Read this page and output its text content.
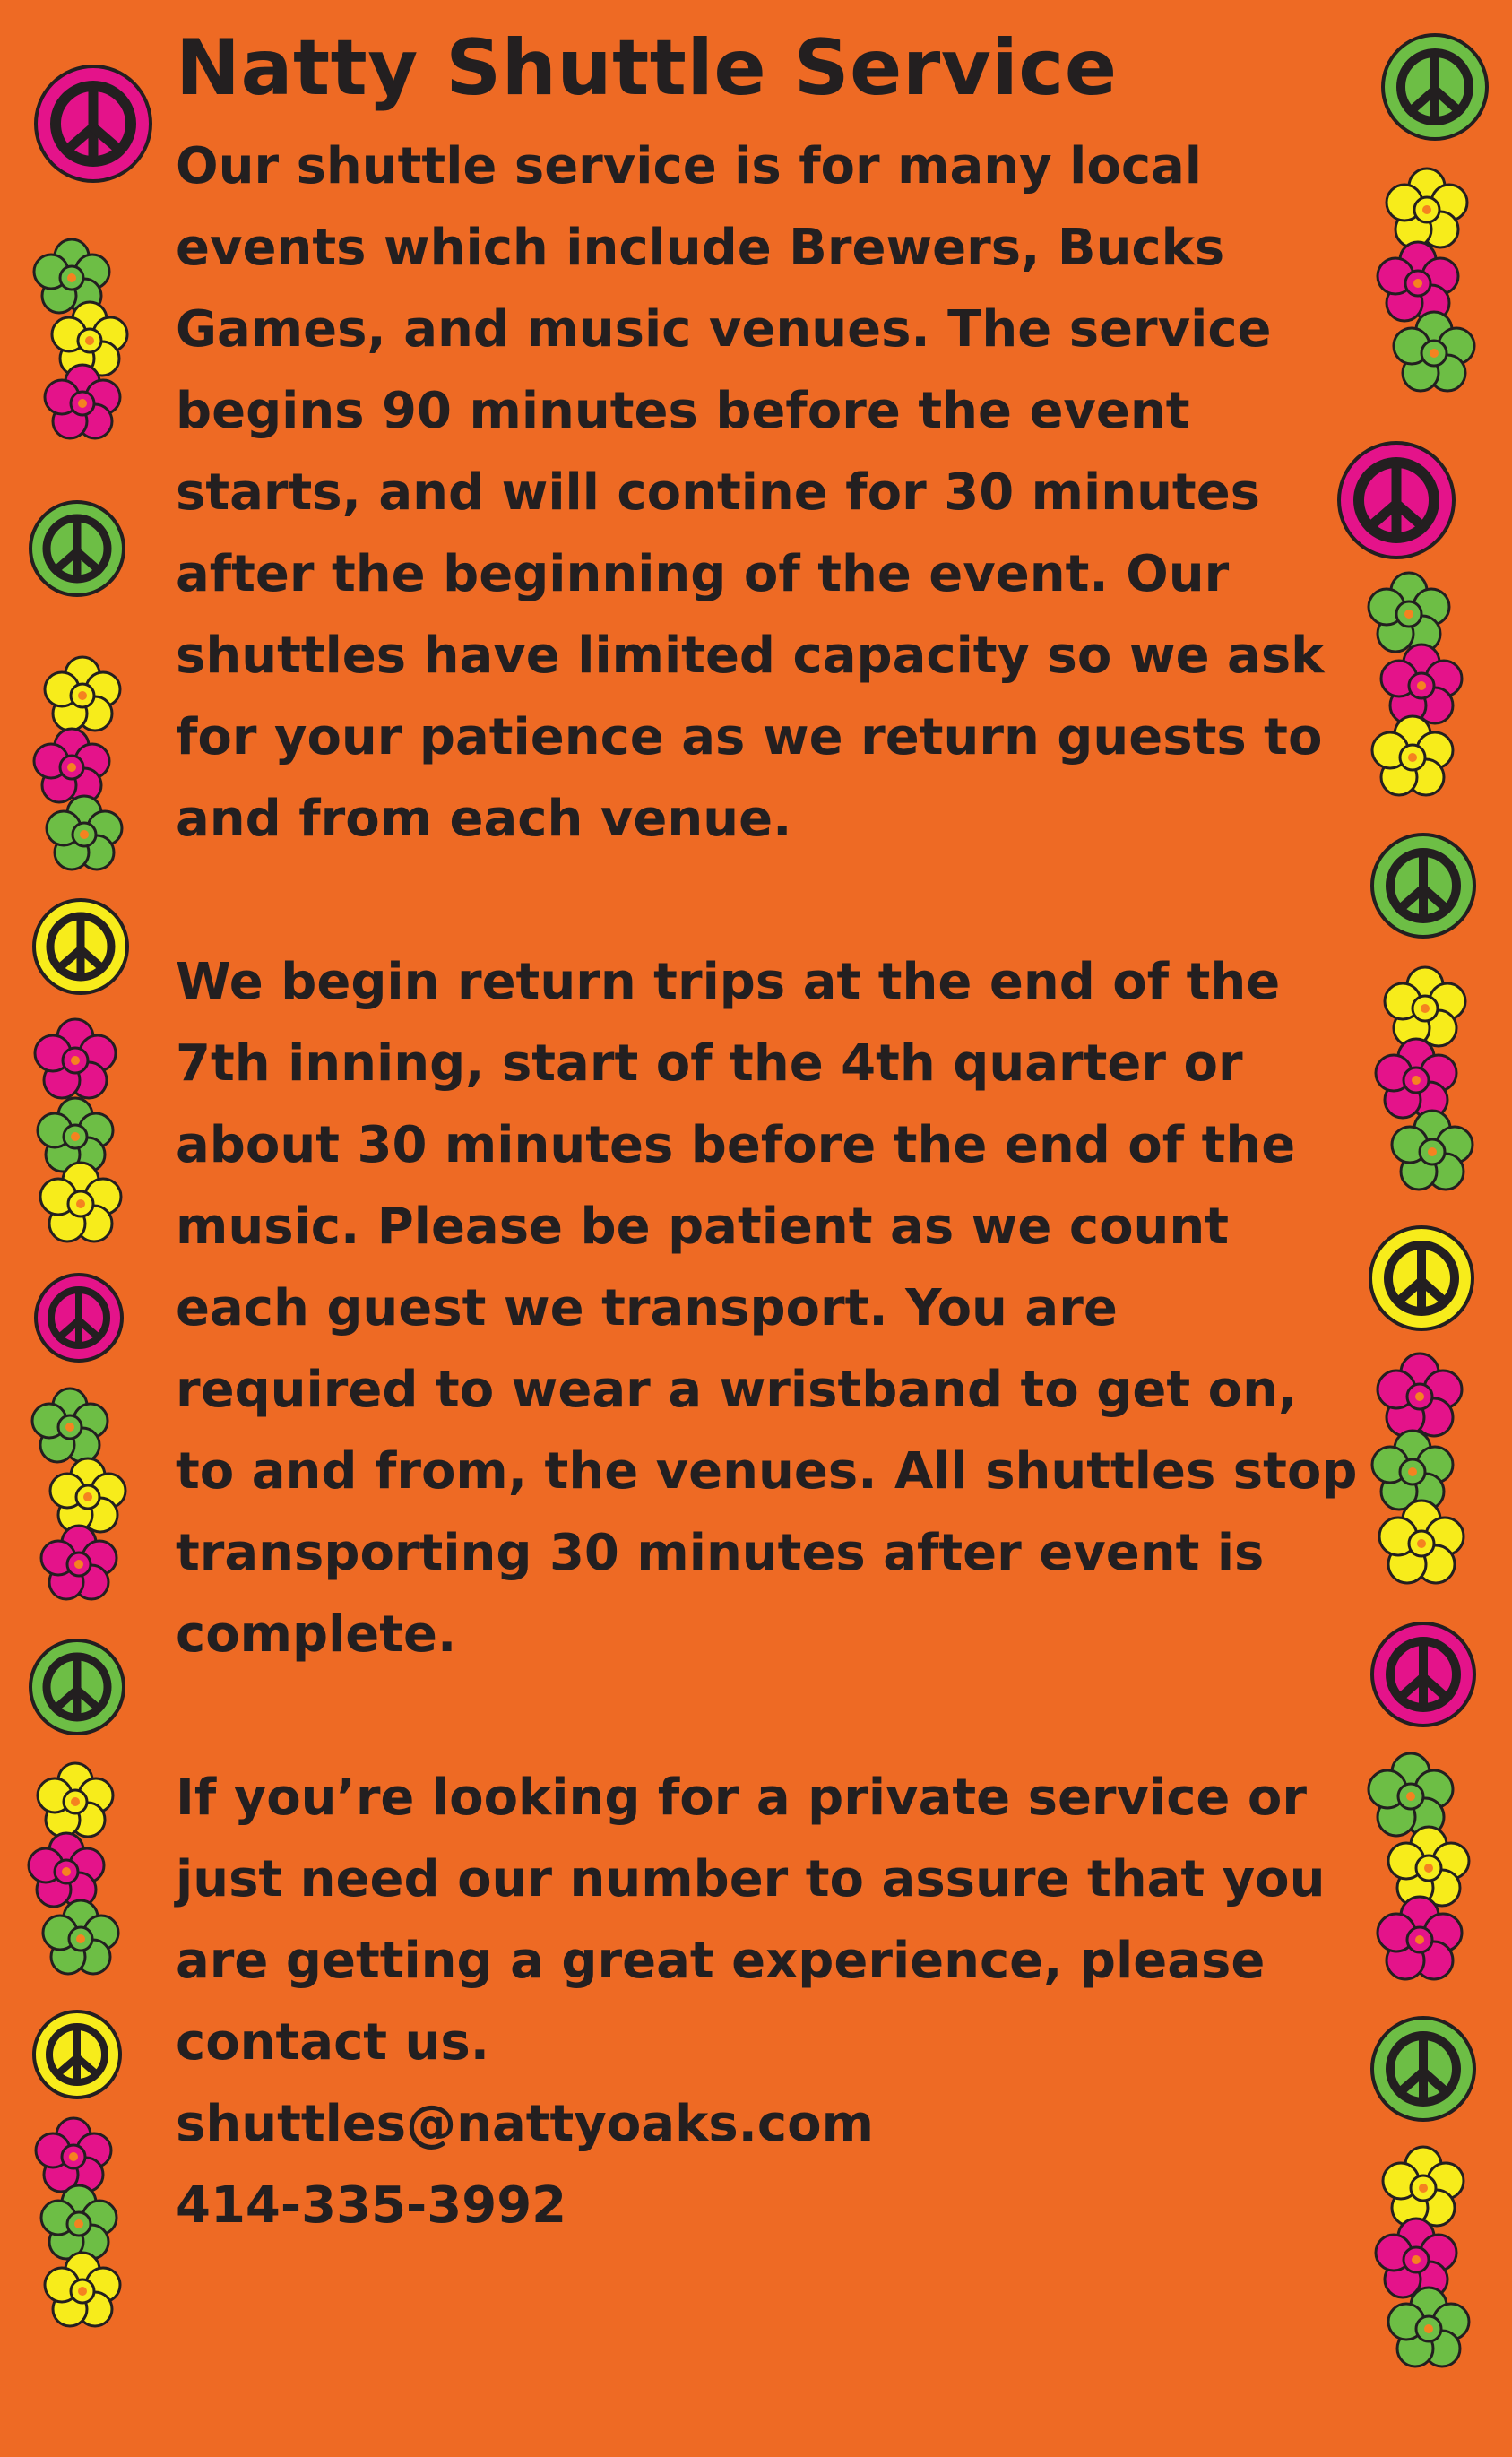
Natty Shuttle Service

Our shuttle service is for many local events which include Brewers, Bucks Games, and music venues. The service begins 90 minutes before the event starts, and will contine for 30 minutes after the beginning of the event. Our shuttles have limited capacity so we ask for your patience as we return guests to and from each venue.

We begin return trips at the end of the 7th inning, start of the 4th quarter or about 30 minutes before the end of the music. Please be patient as we count each guest we transport. You are required to wear a wristband to get on, to and from, the venues. All shuttles stop transporting 30 minutes after event is complete.

If you’re looking for a private service or just need our number to assure that you are getting a great experience, please contact us.

shuttles@nattyoaks.com

414-335-3992
